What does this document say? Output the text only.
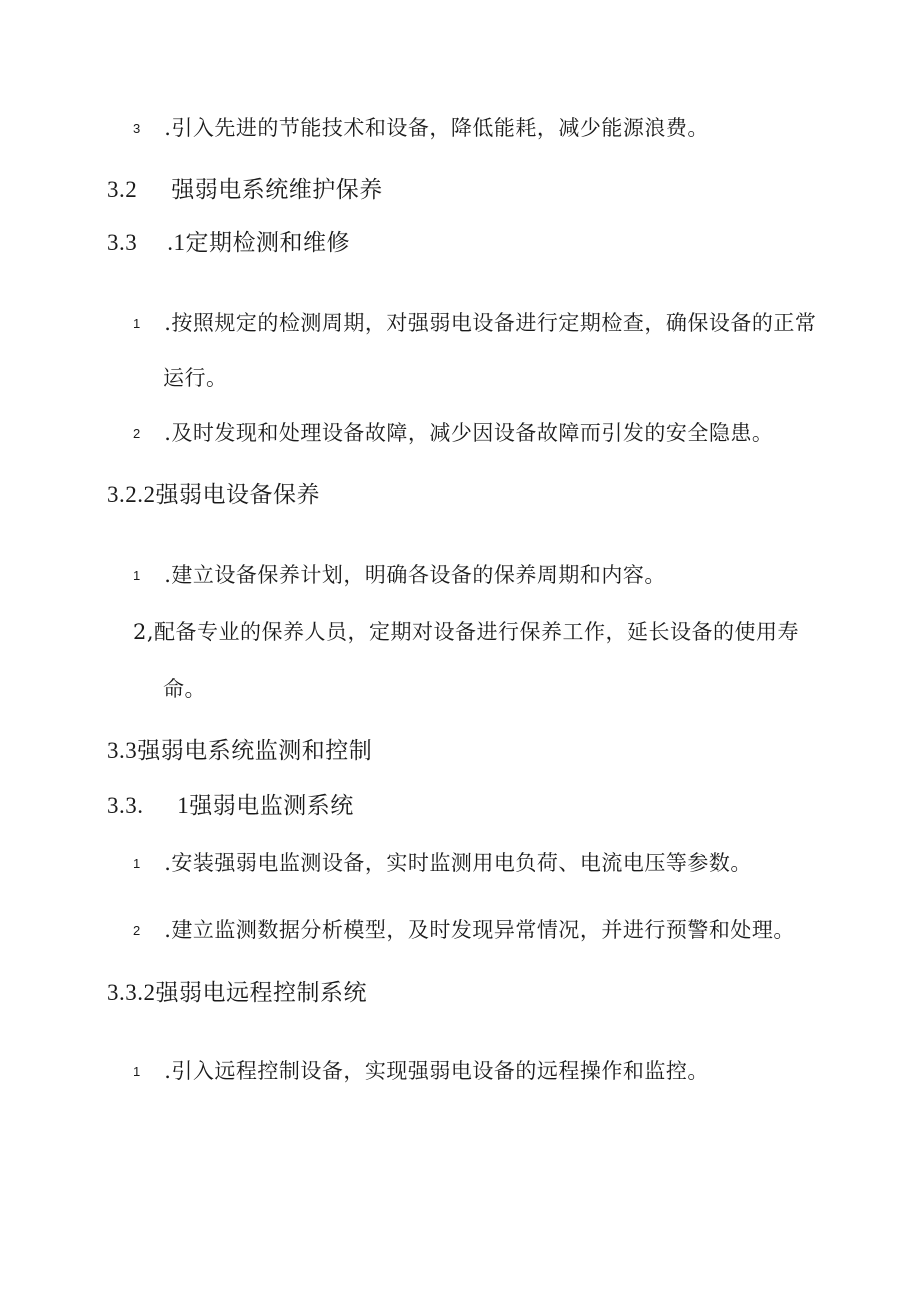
3 .引入先进的节能技术和设备，降低能耗，减少能源浪费。
3.2 强弱电系统维护保养
3.3 .1定期检测和维修
1 .按照规定的检测周期，对强弱电设备进行定期检查，确保设备的正常
运行。
2 .及时发现和处理设备故障，减少因设备故障而引发的安全隐患。
3.2.2强弱电设备保养
1 .建立设备保养计划，明确各设备的保养周期和内容。
2,配备专业的保养人员，定期对设备进行保养工作，延长设备的使用寿
命。
3.3强弱电系统监测和控制
3.3. 1强弱电监测系统
1 .安装强弱电监测设备，实时监测用电负荷、电流电压等参数。
2 .建立监测数据分析模型，及时发现异常情况，并进行预警和处理。
3.3.2强弱电远程控制系统
1 .引入远程控制设备，实现强弱电设备的远程操作和监控。
